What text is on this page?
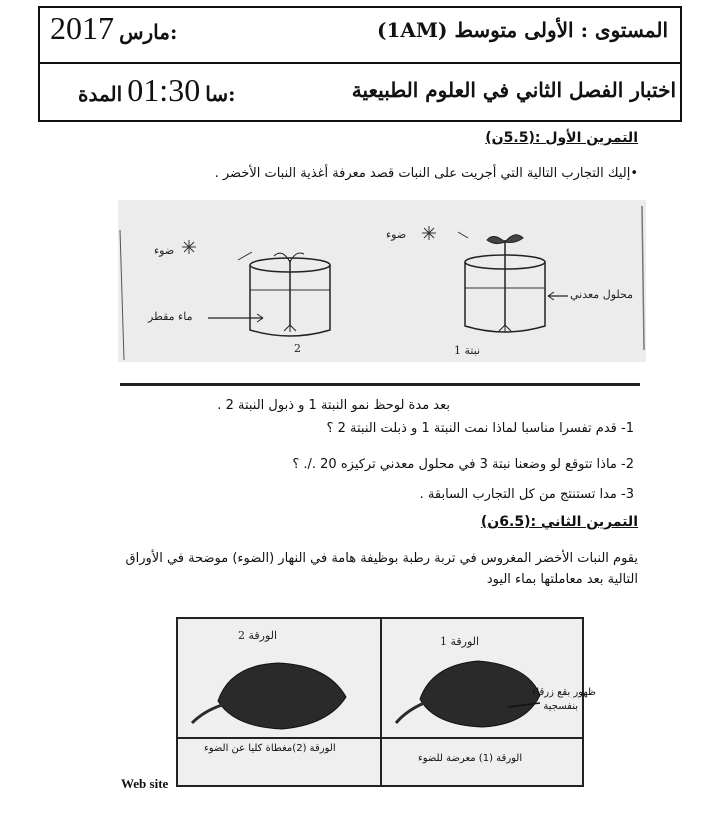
المستوى : الأولى متوسط (1AM)
2017 مارس:
اختبار الفصل الثاني في العلوم الطبيعية
سا 01:30 المدة:
التمرين الأول :(5.5ن)
•إليك التجارب التالية التي أجريت على النبات قصد معرفة أغذية النبات الأخضر .
ضوء
ضوء
ماء مقطر
محلول معدني
2	نبتة 1
بعد مدة لوحظ نمو النبتة 1 و ذبول النبتة 2 .
1- قدم تفسرا مناسبا لماذا نمت النبتة 1 و ذبلت النبتة 2 ؟
2- ماذا تتوقع لو وضعنا نبتة 3 في محلول معدني تركيزه 20 ./. ؟
3- مدا تستنتج من كل التجارب السابقة .
التمرين الثاني :(6.5ن)
يقوم النبات الأخضر المغروس في تربة رطبة بوظيفة هامة في النهار (الضوء) موضحة في الأوراق
التالية بعد معاملتها بماء اليود
الورقة 2	الورقة 1
ظهور بقع زرقاء
بنفسجية
الورقة (2)مغطاة كليا عن الضوء
الورقة (1) معرضة للضوء
Web site
